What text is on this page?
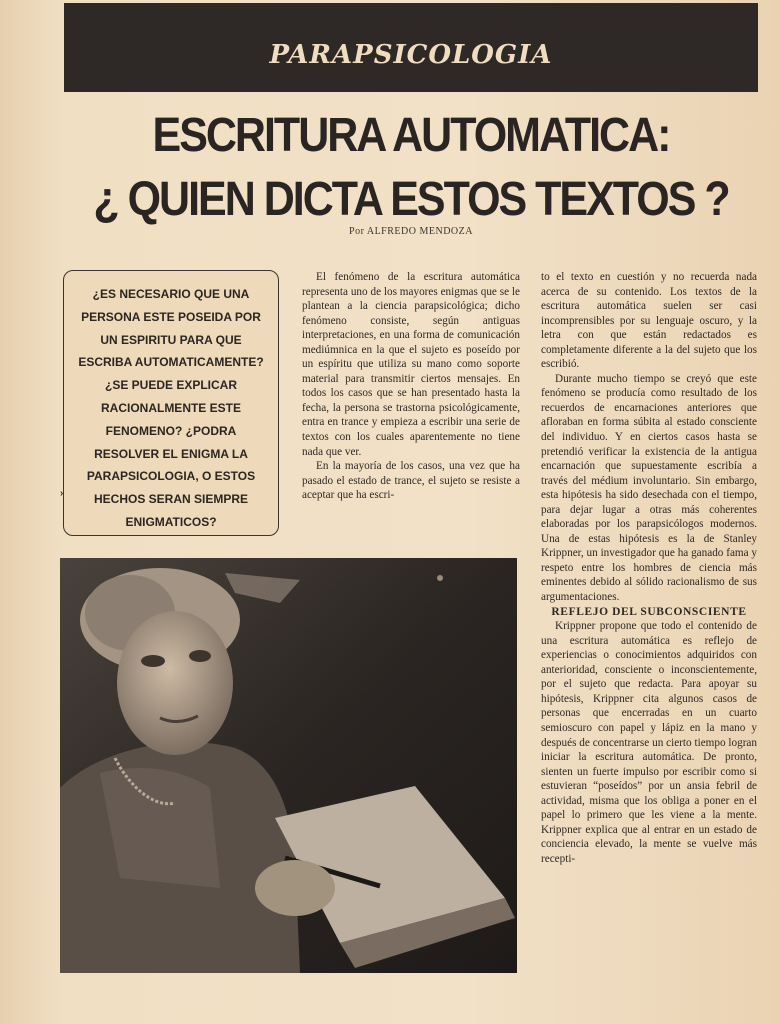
PARAPSICOLOGIA
ESCRITURA AUTOMATICA:
¿ QUIEN DICTA ESTOS TEXTOS ?
Por ALFREDO MENDOZA
¿ES NECESARIO QUE UNA PERSONA ESTE POSEIDA POR UN ESPIRITU PARA QUE ESCRIBA AUTOMATICAMENTE? ¿SE PUEDE EXPLICAR RACIONALMENTE ESTE FENOMENO? ¿PODRA RESOLVER EL ENIGMA LA PARAPSICOLOGIA, O ESTOS HECHOS SERAN SIEMPRE ENIGMATICOS?
›

El fenómeno de la escritura automática representa uno de los mayores enigmas que se le plantean a la ciencia parapsicológica; dicho fenómeno consiste, según antiguas interpretaciones, en una forma de comunicación mediúmnica en la que el sujeto es poseído por un espíritu que utiliza su mano como soporte material para transmitir ciertos mensajes. En todos los casos que se han presentado hasta la fecha, la persona se trastorna psicológicamente, entra en trance y empieza a escribir una serie de textos con los cuales aparentemente no tiene nada que ver.

En la mayoría de los casos, una vez que ha pasado el estado de trance, el sujeto se resiste a aceptar que ha escri-

to el texto en cuestión y no recuerda nada acerca de su contenido. Los textos de la escritura automática suelen ser casi incomprensibles por su lenguaje oscuro, y la letra con que están redactados es completamente diferente a la del sujeto que los escribió.

Durante mucho tiempo se creyó que este fenómeno se producía como resultado de los recuerdos de encarnaciones anteriores que afloraban en forma súbita al estado consciente del individuo. Y en ciertos casos hasta se pretendió verificar la existencia de la antigua encarnación que supuestamente escribía a través del médium involuntario. Sin embargo, esta hipótesis ha sido desechada con el tiempo, para dejar lugar a otras más coherentes elaboradas por los parapsicólogos modernos. Una de estas hipótesis es la de Stanley Krippner, un investigador que ha ganado fama y respeto entre los hombres de ciencia más eminentes debido al sólido racionalismo de sus argumentaciones.

REFLEJO DEL SUBCONSCIENTE

Krippner propone que todo el contenido de una escritura automática es reflejo de experiencias o conocimientos adquiridos con anterioridad, consciente o inconscientemente, por el sujeto que redacta. Para apoyar su hipótesis, Krippner cita algunos casos de personas que encerradas en un cuarto semioscuro con papel y lápiz en la mano y después de concentrarse un cierto tiempo logran iniciar la escritura automática. De pronto, sienten un fuerte impulso por escribir como si estuvieran “poseídos” por un ansia febril de actividad, misma que los obliga a poner en el papel lo primero que les viene a la mente. Krippner explica que al entrar en un estado de conciencia elevado, la mente se vuelve más recepti-
